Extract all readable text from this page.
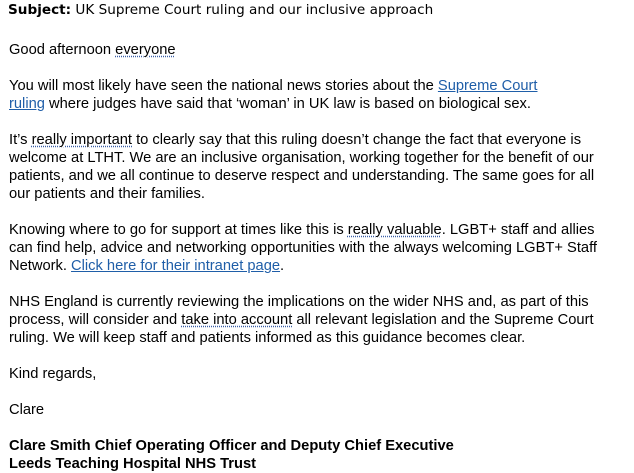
Subject: UK Supreme Court ruling and our inclusive approach

Good afternoon everyone

You will most likely have seen the national news stories about the Supreme Court
ruling where judges have said that ‘woman’ in UK law is based on biological sex.

It’s really important to clearly say that this ruling doesn’t change the fact that everyone is
welcome at LTHT. We are an inclusive organisation, working together for the benefit of our
patients, and we all continue to deserve respect and understanding. The same goes for all
our patients and their families.

Knowing where to go for support at times like this is really valuable. LGBT+ staff and allies
can find help, advice and networking opportunities with the always welcoming LGBT+ Staff
Network. Click here for their intranet page.

NHS England is currently reviewing the implications on the wider NHS and, as part of this
process, will consider and take into account all relevant legislation and the Supreme Court
ruling. We will keep staff and patients informed as this guidance becomes clear.

Kind regards,

Clare

Clare Smith Chief Operating Officer and Deputy Chief Executive
Leeds Teaching Hospital NHS Trust
